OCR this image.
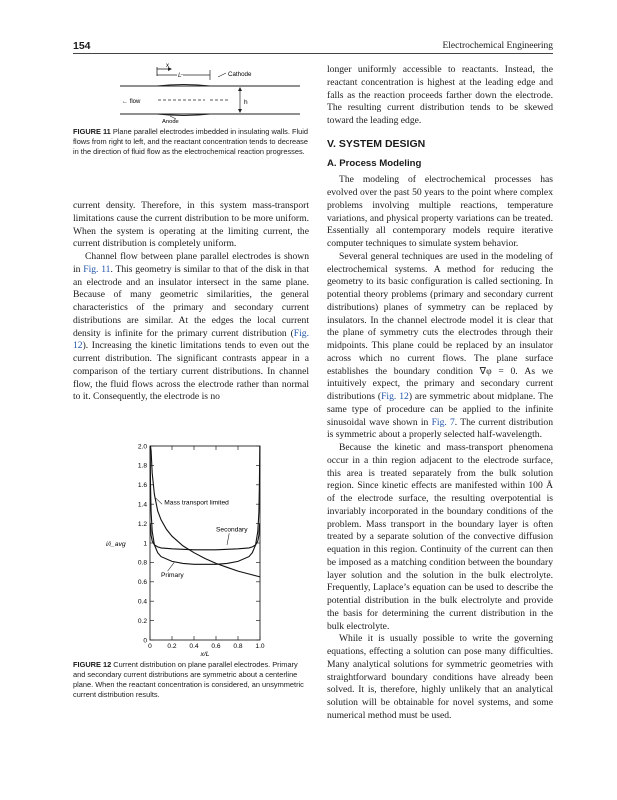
154	Electrochemical Engineering
x
L	Cathode
← flow	h
Anode
FIGURE 11 Plane parallel electrodes imbedded in insulating walls. Fluid flows from right to left, and the reactant concentration tends to decrease in the direction of fluid flow as the electrochemical reaction progresses.

current density. Therefore, in this system mass-transport limitations cause the current distribution to be more uniform. When the system is operating at the limiting current, the current distribution is completely uniform.

Channel flow between plane parallel electrodes is shown in Fig. 11. This geometry is similar to that of the disk in that an electrode and an insulator intersect in the same plane. Because of many geometric similarities, the general characteristics of the primary and secondary current distributions are similar. At the edges the local current density is infinite for the primary current distribution (Fig. 12). Increasing the kinetic limitations tends to even out the current distribution. The significant contrasts appear in a comparison of the tertiary current distributions. In channel flow, the fluid flows across the electrode rather than normal to it. Consequently, the electrode is no

0
0.2
0.4
0.6
0.8
1
1.2
1.4
1.6
1.8
2.0
0 0.2 0.4 0.6 0.8 1.0
x/L
i/i_avg
Mass transport limited
Secondary
Primary
FIGURE 12 Current distribution on plane parallel electrodes. Primary and secondary current distributions are symmetric about a centerline plane. When the reactant concentration is considered, an unsymmetric current distribution results.

longer uniformly accessible to reactants. Instead, the reactant concentration is highest at the leading edge and falls as the reaction proceeds farther down the electrode. The resulting current distribution tends to be skewed toward the leading edge.

V. SYSTEM DESIGN
A. Process Modeling

The modeling of electrochemical processes has evolved over the past 50 years to the point where complex problems involving multiple reactions, temperature variations, and physical property variations can be treated. Essentially all contemporary models require iterative computer techniques to simulate system behavior.

Several general techniques are used in the modeling of electrochemical systems. A method for reducing the geometry to its basic configuration is called sectioning. In potential theory problems (primary and secondary current distributions) planes of symmetry can be replaced by insulators. In the channel electrode model it is clear that the plane of symmetry cuts the electrodes through their midpoints. This plane could be replaced by an insulator across which no current flows. The plane surface establishes the boundary condition ∇φ = 0. As we intuitively expect, the primary and secondary current distributions (Fig. 12) are symmetric about midplane. The same type of procedure can be applied to the infinite sinusoidal wave shown in Fig. 7. The current distribution is symmetric about a properly selected half-wavelength.

Because the kinetic and mass-transport phenomena occur in a thin region adjacent to the electrode surface, this area is treated separately from the bulk solution region. Since kinetic effects are manifested within 100 Å of the electrode surface, the resulting overpotential is invariably incorporated in the boundary conditions of the problem. Mass transport in the boundary layer is often treated by a separate solution of the convective diffusion equation in this region. Continuity of the current can then be imposed as a matching condition between the boundary layer solution and the solution in the bulk electrolyte. Frequently, Laplace’s equation can be used to describe the potential distribution in the bulk electrolyte and provide the basis for determining the current distribution in the bulk electrolyte.

While it is usually possible to write the governing equations, effecting a solution can pose many difficulties. Many analytical solutions for symmetric geometries with straightforward boundary conditions have already been solved. It is, therefore, highly unlikely that an analytical solution will be obtainable for novel systems, and some numerical method must be used.
